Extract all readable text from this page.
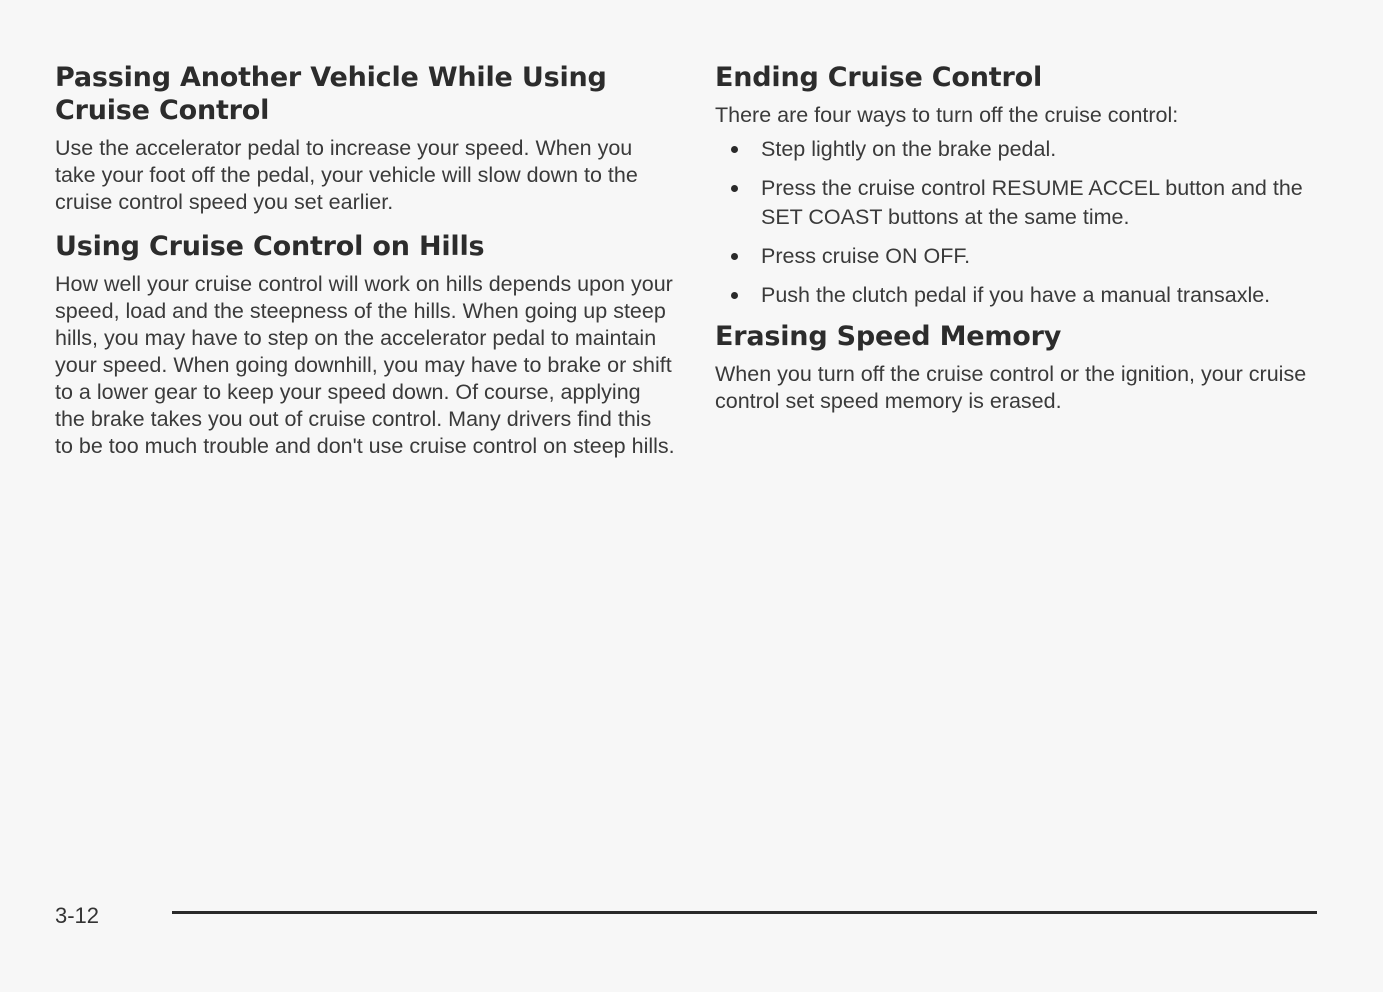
Passing Another Vehicle While Using Cruise Control

Use the accelerator pedal to increase your speed. When you take your foot off the pedal, your vehicle will slow down to the cruise control speed you set earlier.

Using Cruise Control on Hills

How well your cruise control will work on hills depends upon your speed, load and the steepness of the hills. When going up steep hills, you may have to step on the accelerator pedal to maintain your speed. When going downhill, you may have to brake or shift to a lower gear to keep your speed down. Of course, applying the brake takes you out of cruise control. Many drivers find this to be too much trouble and don't use cruise control on steep hills.

Ending Cruise Control

There are four ways to turn off the cruise control:

Step lightly on the brake pedal.
Press the cruise control RESUME ACCEL button and the SET COAST buttons at the same time.
Press cruise ON OFF.
Push the clutch pedal if you have a manual transaxle.
Erasing Speed Memory

When you turn off the cruise control or the ignition, your cruise control set speed memory is erased.

3-12
